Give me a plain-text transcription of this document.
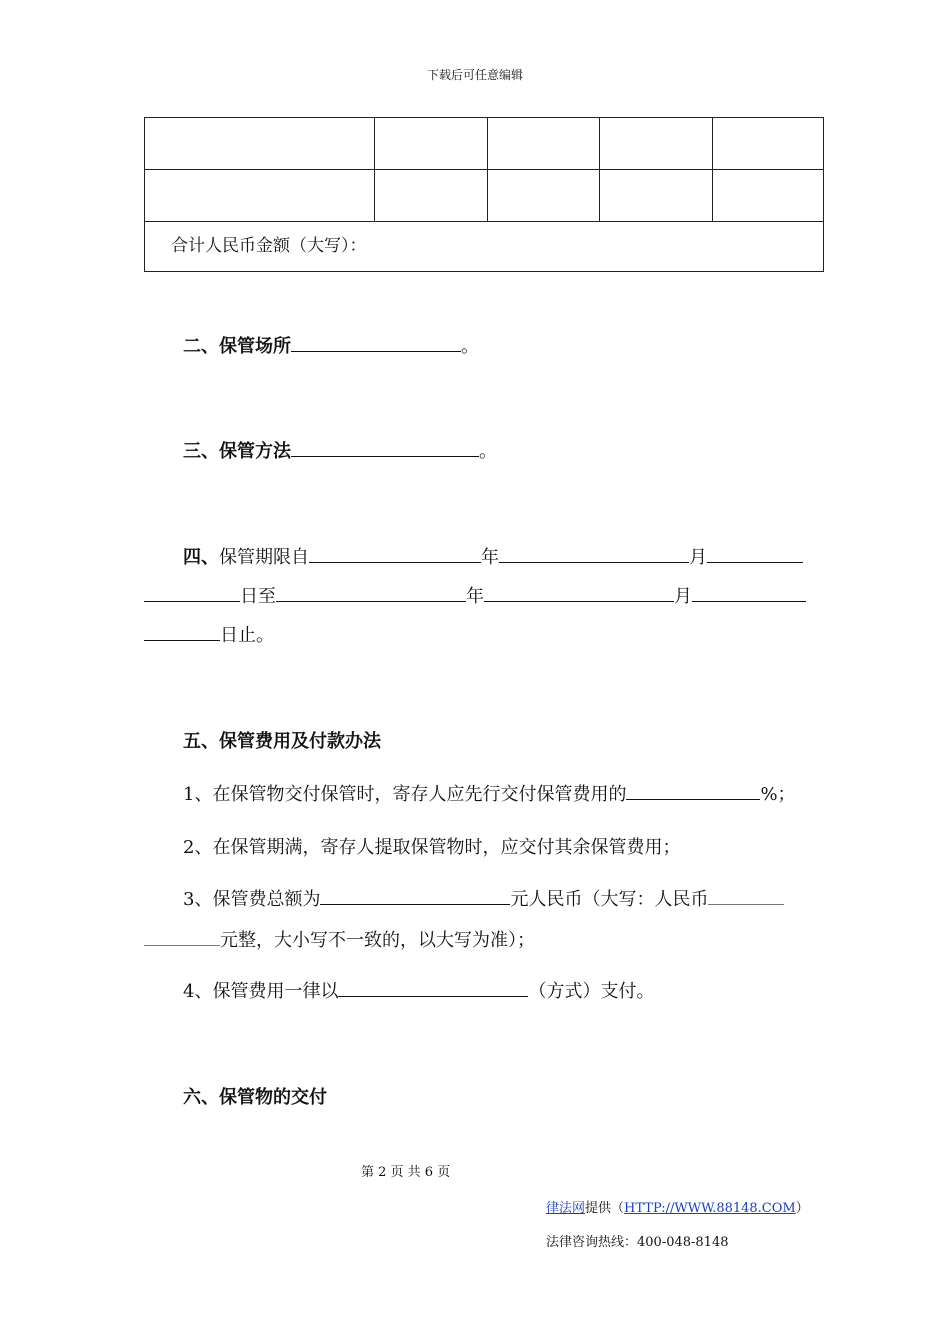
下载后可任意编辑
合计人民币金额（大写）：
二、保管场所	。
三、保管方法	。
四、保管期限自	年	月
日至	年	月
日止。
五、保管费用及付款办法
1、在保管物交付保管时，寄存人应先行交付保管费用的	%；
2、在保管期满，寄存人提取保管物时，应交付其余保管费用；
3、保管费总额为	元人民币（大写：人民币
元整，大小写不一致的，以大写为准）；
4、保管费用一律以	（方式）支付。
六、保管物的交付
第 2 页 共 6 页
律法网提供（HTTP://WWW.88148.COM）
法律咨询热线：400-048-8148
